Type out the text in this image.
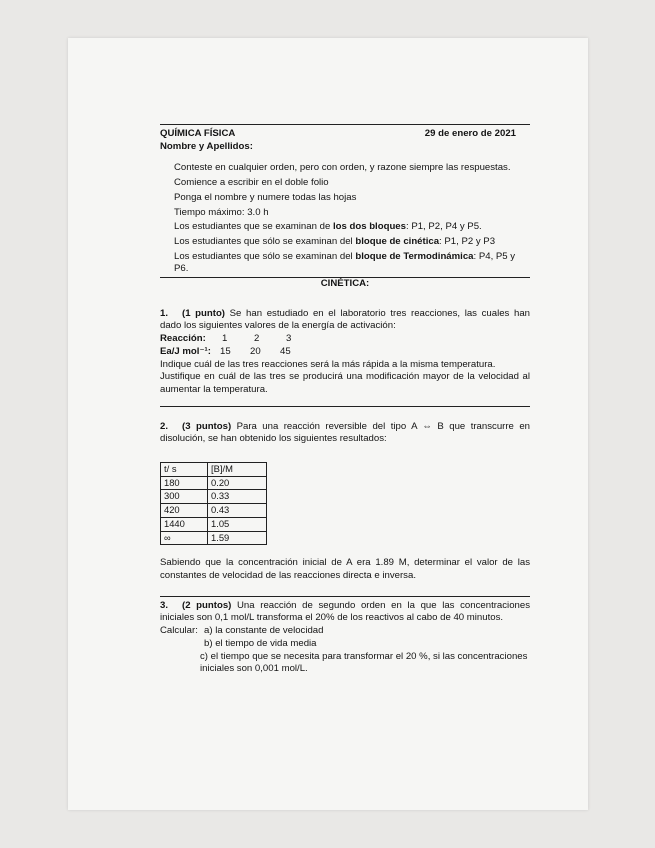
QUÍMICA FÍSICA	29 de enero de 2021
Nombre y Apellidos:
Conteste en cualquier orden, pero con orden, y razone siempre las respuestas.
Comience a escribir en el doble folio
Ponga el nombre y numere todas las hojas
Tiempo máximo: 3.0 h
Los estudiantes que se examinan de los dos bloques: P1, P2, P4 y P5.
Los estudiantes que sólo se examinan del bloque de cinética: P1, P2 y P3
Los estudiantes que sólo se examinan del bloque de Termodinámica: P4, P5 y P6.
CINÉTICA:
1. (1 punto) Se han estudiado en el laboratorio tres reacciones, las cuales han dado los siguientes valores de la energía de activación:
Reacción: 1	2	3
Ea/J mol⁻¹: 15 20 45
Indique cuál de las tres reacciones será la más rápida a la misma temperatura.
Justifique en cuál de las tres se producirá una modificación mayor de la velocidad al aumentar la temperatura.
2. (3 puntos) Para una reacción reversible del tipo A ⇔ B que transcurre en disolución, se han obtenido los siguientes resultados:
t/ s	[B]/M
180	0.20
300	0.33
420	0.43
1440	1.05
∞	1.59
Sabiendo que la concentración inicial de A era 1.89 M, determinar el valor de las constantes de velocidad de las reacciones directa e inversa.
3. (2 puntos) Una reacción de segundo orden en la que las concentraciones iniciales son 0,1 mol/L transforma el 20% de los reactivos al cabo de 40 minutos.
Calcular: a) la constante de velocidad
b) el tiempo de vida media
c) el tiempo que se necesita para transformar el 20 %, si las concentraciones iniciales son 0,001 mol/L.
